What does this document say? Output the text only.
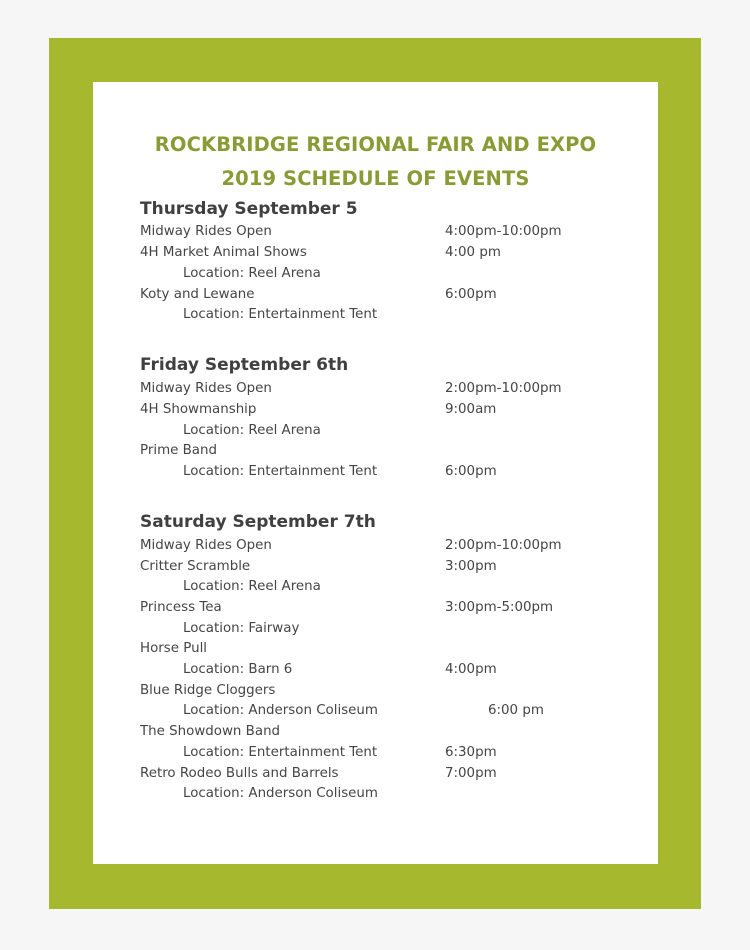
ROCKBRIDGE REGIONAL FAIR AND EXPO
2019 SCHEDULE OF EVENTS
Thursday September 5
Midway Rides Open	4:00pm-10:00pm
4H Market Animal Shows	4:00 pm
Location: Reel Arena
Koty and Lewane	6:00pm
Location: Entertainment Tent
Friday September 6th
Midway Rides Open	2:00pm-10:00pm
4H Showmanship	9:00am
Location: Reel Arena
Prime Band
Location: Entertainment Tent	6:00pm
Saturday September 7th
Midway Rides Open	2:00pm-10:00pm
Critter Scramble	3:00pm
Location: Reel Arena
Princess Tea	3:00pm-5:00pm
Location: Fairway
Horse Pull
Location: Barn 6	4:00pm
Blue Ridge Cloggers
Location: Anderson Coliseum	6:00 pm
The Showdown Band
Location: Entertainment Tent	6:30pm
Retro Rodeo Bulls and Barrels	7:00pm
Location: Anderson Coliseum
